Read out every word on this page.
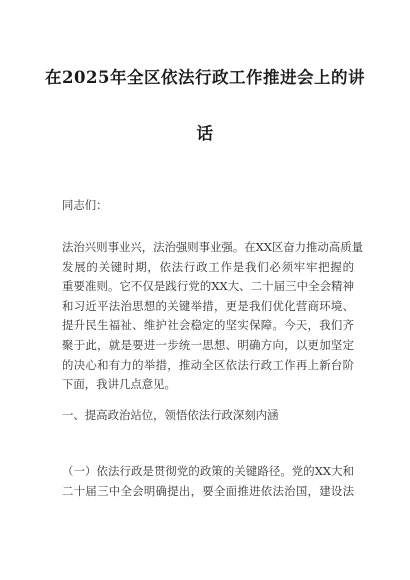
在2025年全区依法行政工作推进会上的讲
话

同志们：

法治兴则事业兴，法治强则事业强。在XX区奋力推动高质量
发展的关键时期，依法行政工作是我们必须牢牢把握的
重要准则。它不仅是践行党的XX大、二十届三中全会精神
和习近平法治思想的关键举措，更是我们优化营商环境、
提升民生福祉、维护社会稳定的坚实保障。今天，我们齐
聚于此，就是要进一步统一思想、明确方向，以更加坚定
的决心和有力的举措，推动全区依法行政工作再上新台阶
下面，我讲几点意见。

一、提高政治站位，领悟依法行政深刻内涵

（一）依法行政是贯彻党的政策的关键路径。党的XX大和
二十届三中全会明确提出，要全面推进依法治国，建设法
